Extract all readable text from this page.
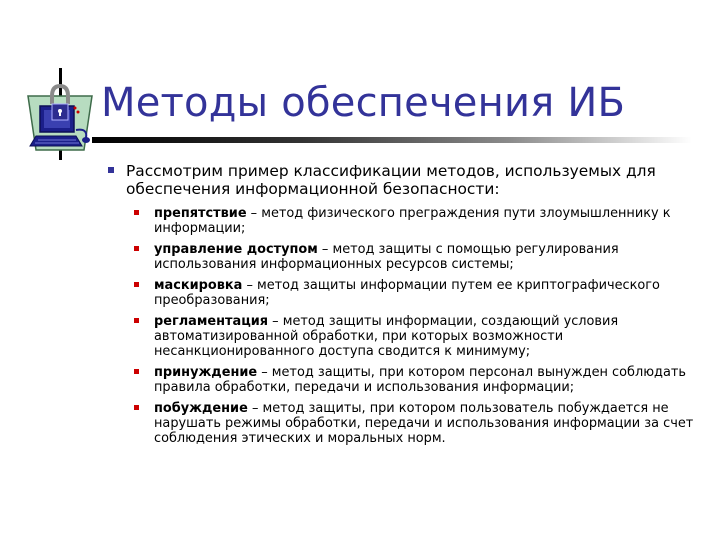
Методы обеспечения ИБ
Рассмотрим пример классификации методов, используемых для обеспечения информационной безопасности:
препятствие – метод физического преграждения пути злоумышленнику к информации;
управление доступом – метод защиты с помощью регулирования использования информационных ресурсов системы;
маскировка – метод защиты информации путем ее криптографического преобразования;
регламентация – метод защиты информации, создающий условия автоматизированной обработки, при которых возможности несанкционированного доступа сводится к минимуму;
принуждение – метод защиты, при котором персонал вынужден соблюдать правила обработки, передачи и использования информации;
побуждение – метод защиты, при котором пользователь побуждается не нарушать режимы обработки, передачи и использования информации за счет соблюдения этических и моральных норм.
